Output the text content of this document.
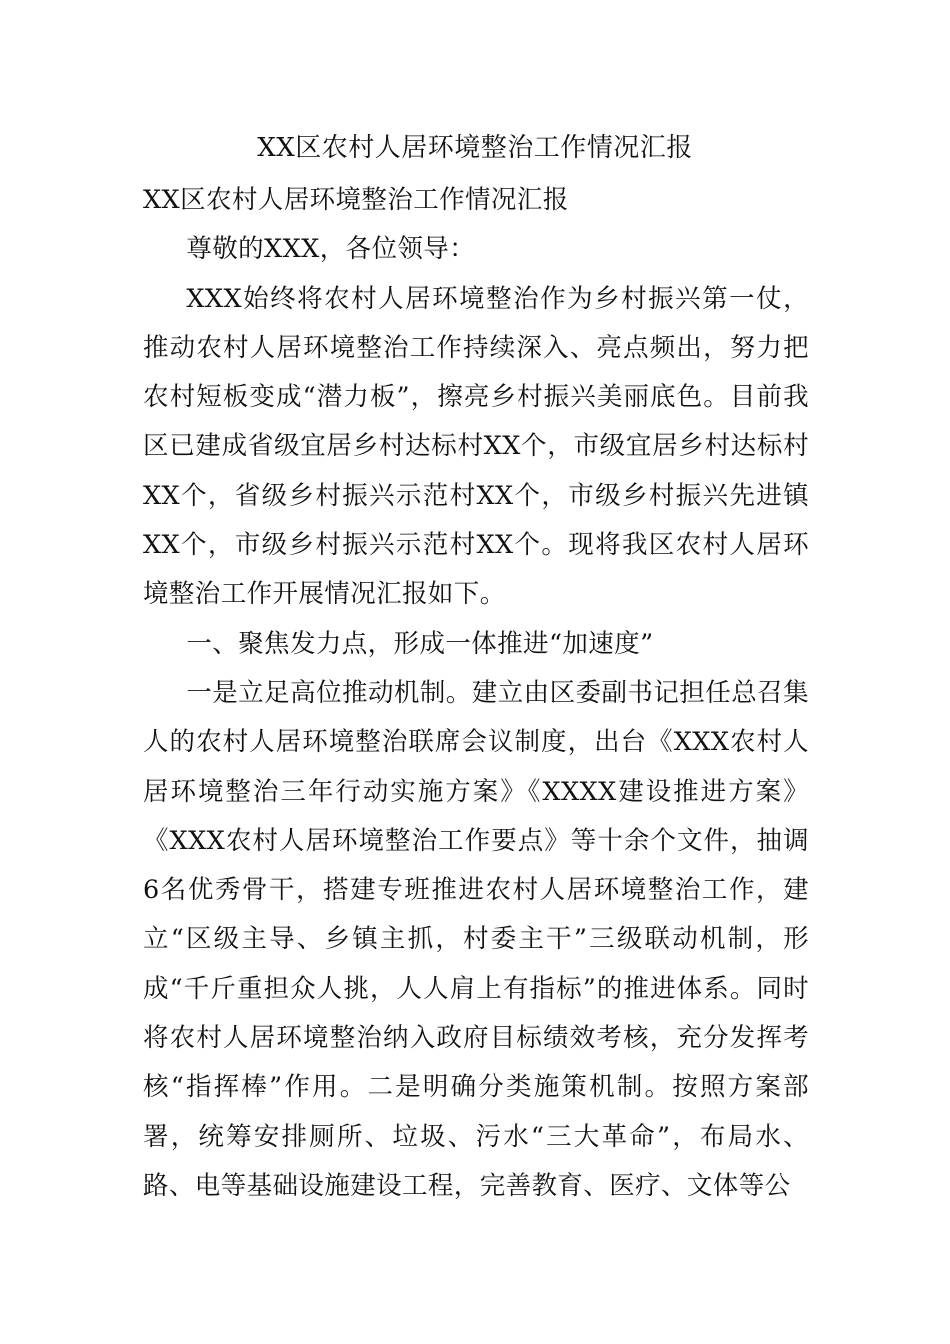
XX区农村人居环境整治工作情况汇报

XX区农村人居环境整治工作情况汇报

尊敬的XXX，各位领导：

XXX始终将农村人居环境整治作为乡村振兴第一仗，推动农村人居环境整治工作持续深入、亮点频出，努力把农村短板变成“潜力板”，擦亮乡村振兴美丽底色。目前我区已建成省级宜居乡村达标村XX个，市级宜居乡村达标村XX个，省级乡村振兴示范村XX个，市级乡村振兴先进镇XX个，市级乡村振兴示范村XX个。现将我区农村人居环境整治工作开展情况汇报如下。

一、聚焦发力点，形成一体推进“加速度”

一是立足高位推动机制。建立由区委副书记担任总召集人的农村人居环境整治联席会议制度，出台《XXX农村人居环境整治三年行动实施方案》《XXXX建设推进方案》《XXX农村人居环境整治工作要点》等十余个文件，抽调6名优秀骨干，搭建专班推进农村人居环境整治工作，建立“区级主导、乡镇主抓，村委主干”三级联动机制，形成“千斤重担众人挑，人人肩上有指标”的推进体系。同时将农村人居环境整治纳入政府目标绩效考核，充分发挥考核“指挥棒”作用。二是明确分类施策机制。按照方案部署，统筹安排厕所、垃圾、污水“三大革命”，布局水、路、电等基础设施建设工程，完善教育、医疗、文体等公
